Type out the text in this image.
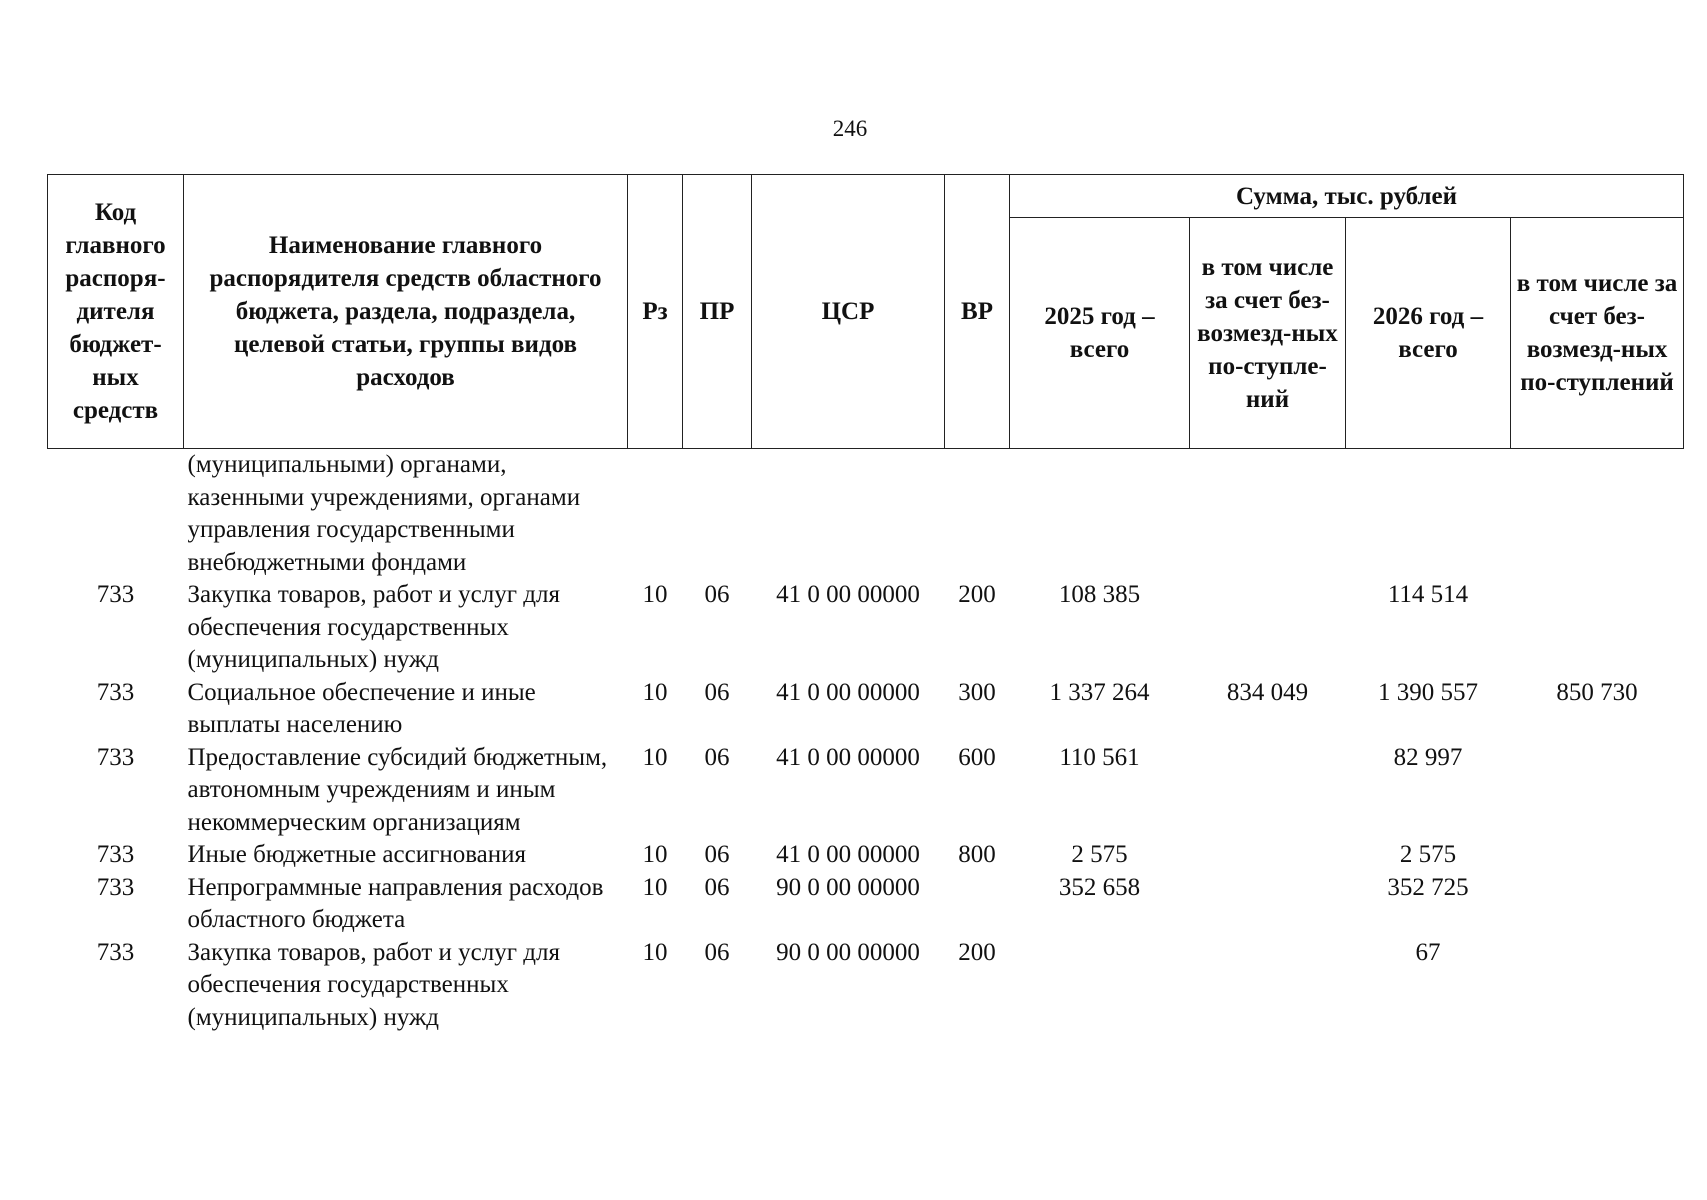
246
Код главного распоря-дителя бюджет-ных средств	Наименование главного распорядителя средств областного бюджета, раздела, подраздела, целевой статьи, группы видов расходов	Рз	ПР	ЦСР	ВР	Сумма, тыс. рублей			
						2025 год – всего	в том числе за счет без-возмезд-ных по-ступле-ний	2026 год – всего	в том числе за счет без-возмезд-ных по-ступлений
	(муниципальными) органами, казенными учреждениями, органами управления государственными внебюджетными фондами								
733	Закупка товаров, работ и услуг для обеспечения государственных (муниципальных) нужд	10	06	41 0 00 00000	200	108 385		114 514	
733	Социальное обеспечение и иные выплаты населению	10	06	41 0 00 00000	300	1 337 264	834 049	1 390 557	850 730
733	Предоставление субсидий бюджетным, автономным учреждениям и иным некоммерческим организациям	10	06	41 0 00 00000	600	110 561		82 997	
733	Иные бюджетные ассигнования	10	06	41 0 00 00000	800	2 575		2 575	
733	Непрограммные направления расходов областного бюджета	10	06	90 0 00 00000		352 658		352 725	
733	Закупка товаров, работ и услуг для обеспечения государственных (муниципальных) нужд	10	06	90 0 00 00000	200			67	
